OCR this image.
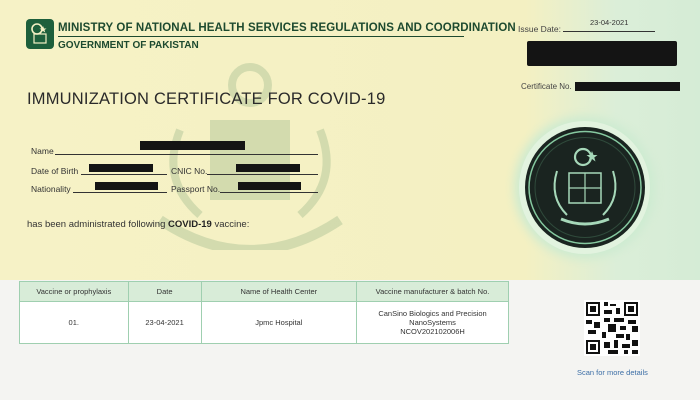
MINISTRY OF NATIONAL HEALTH SERVICES REGULATIONS AND COORDINATION
GOVERNMENT OF PAKISTAN
Issue Date:
23-04-2021
Certificate No.
IMMUNIZATION CERTIFICATE FOR COVID-19
Name
Date of Birth	CNIC No.
Nationality	Passport No.
has been administrated following COVID-19 vaccine:
Vaccine or prophylaxis	Date	Name of Health Center	Vaccine manufacturer & batch No.
01.	23-04-2021	Jpmc Hospital	CanSino Biologics and Precision
NanoSystems
NCOV202102006H
Scan for more details
